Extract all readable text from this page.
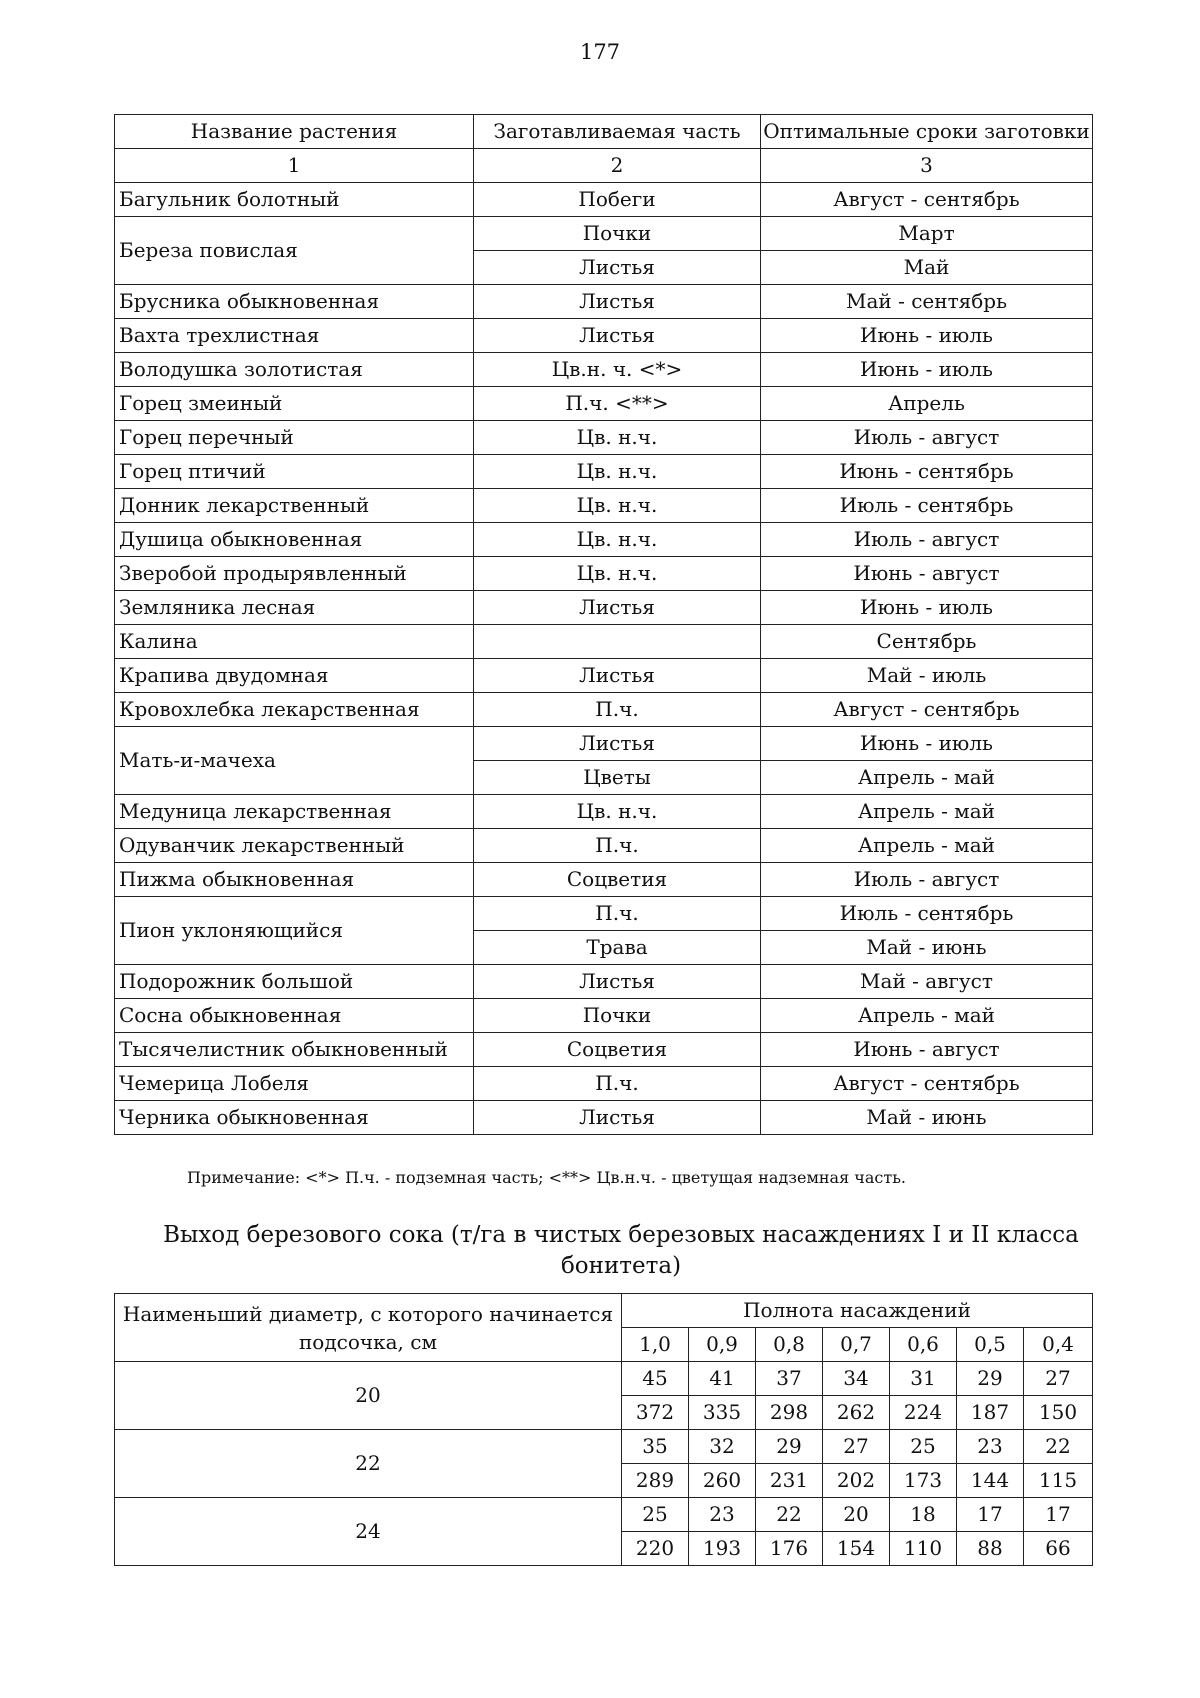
177
Название растения	Заготавливаемая часть	Оптимальные сроки заготовки
1	2	3
Багульник болотный	Побеги	Август - сентябрь
Береза повислая	Почки	Март
	Листья	Май
Брусника обыкновенная	Листья	Май - сентябрь
Вахта трехлистная	Листья	Июнь - июль
Володушка золотистая	Цв.н. ч. <*>	Июнь - июль
Горец змеиный	П.ч. <**>	Апрель
Горец перечный	Цв. н.ч.	Июль - август
Горец птичий	Цв. н.ч.	Июнь - сентябрь
Донник лекарственный	Цв. н.ч.	Июль - сентябрь
Душица обыкновенная	Цв. н.ч.	Июль - август
Зверобой продырявленный	Цв. н.ч.	Июнь - август
Земляника лесная	Листья	Июнь - июль
Калина		Сентябрь
Крапива двудомная	Листья	Май - июль
Кровохлебка лекарственная	П.ч.	Август - сентябрь
Мать-и-мачеха	Листья	Июнь - июль
	Цветы	Апрель - май
Медуница лекарственная	Цв. н.ч.	Апрель - май
Одуванчик лекарственный	П.ч.	Апрель - май
Пижма обыкновенная	Соцветия	Июль - август
Пион уклоняющийся	П.ч.	Июль - сентябрь
	Трава	Май - июнь
Подорожник большой	Листья	Май - август
Сосна обыкновенная	Почки	Апрель - май
Тысячелистник обыкновенный	Соцветия	Июнь - август
Чемерица Лобеля	П.ч.	Август - сентябрь
Черника обыкновенная	Листья	Май - июнь
Примечание: <*> П.ч. - подземная часть; <**> Цв.н.ч. - цветущая надземная часть.
Выход березового сока (т/га в чистых березовых насаждениях I и II класса
бонитета)
Наименьший диаметр, с которого начинается подсочка, см	Полнота насаждений						
	1,0	0,9	0,8	0,7	0,6	0,5	0,4
20	45	41	37	34	31	29	27
	372	335	298	262	224	187	150
22	35	32	29	27	25	23	22
	289	260	231	202	173	144	115
24	25	23	22	20	18	17	17
	220	193	176	154	110	88	66
